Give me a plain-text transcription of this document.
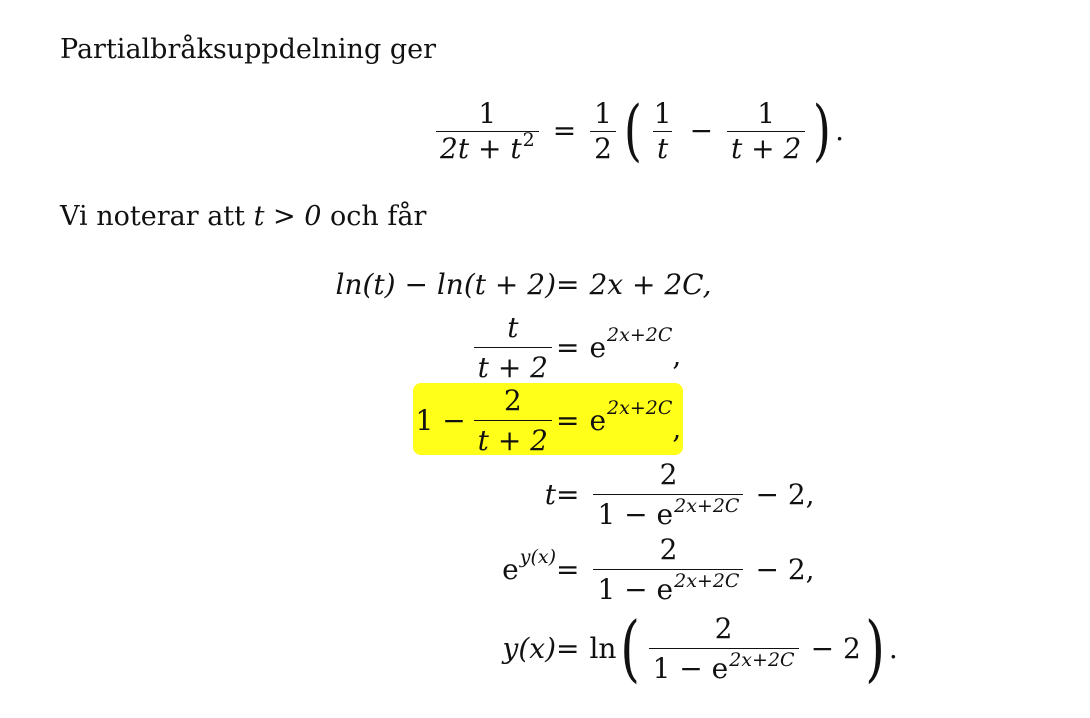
Partialbråksuppdelning ger
$\frac{1}{2t + t^2} = \frac{1}{2}$ ( $\frac{1}{t} - \frac{1}{t + 2}$ ) .
Vi noterar att t > 0 och får
ln(t) − ln(t + 2) = 2x + 2C,
$\frac{t}{t + 2} = e$ 2x+2C
,
$1 - \frac{2}{t + 2} = e$ 2x+2C
,
$t = \frac{2}{1 - e^{2x+2C}} - 2$,
e $y(x) = \frac{2}{1 - e^{2x+2C}} - 2$,
y(x) = ln ( $\frac{2}{1 - e^{2x+2C}} - 2$ ) .
